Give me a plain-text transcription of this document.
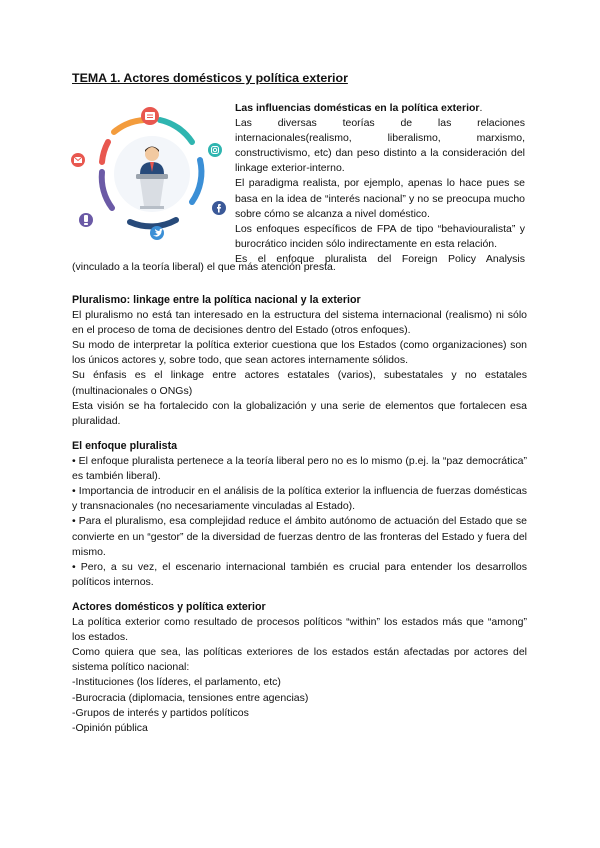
TEMA 1. Actores domésticos y política exterior

Las influencias domésticas en la política exterior.

Las diversas teorías de las relaciones internacionales(realismo, liberalismo, marxismo, constructivismo, etc) dan peso distinto a la consideración del linkage exterior-interno.

El paradigma realista, por ejemplo, apenas lo hace pues se basa en la idea de “interés nacional” y no se preocupa mucho sobre cómo se alcanza a nivel doméstico.

Los enfoques específicos de FPA de tipo “behaviouralista” y burocrático inciden sólo indirectamente en esta relación.

Es el enfoque pluralista del Foreign Policy Analysis

(vinculado a la teoría liberal) el que más atención presta.

Pluralismo: linkage entre la política nacional y la exterior

El pluralismo no está tan interesado en la estructura del sistema internacional (realismo) ni sólo en el proceso de toma de decisiones dentro del Estado (otros enfoques).

Su modo de interpretar la política exterior cuestiona que los Estados (como organizaciones) son los únicos actores y, sobre todo, que sean actores internamente sólidos.

Su énfasis es el linkage entre actores estatales (varios), subestatales y no estatales (multinacionales o ONGs)

Esta visión se ha fortalecido con la globalización y una serie de elementos que fortalecen esa pluralidad.

El enfoque pluralista
• El enfoque pluralista pertenece a la teoría liberal pero no es lo mismo (p.ej. la “paz democrática” es también liberal).
• Importancia de introducir en el análisis de la política exterior la influencia de fuerzas domésticas y transnacionales (no necesariamente vinculadas al Estado).
• Para el pluralismo, esa complejidad reduce el ámbito autónomo de actuación del Estado que se convierte en un “gestor” de la diversidad de fuerzas dentro de las fronteras del Estado y fuera del mismo.
• Pero, a su vez, el escenario internacional también es crucial para entender los desarrollos políticos internos.
Actores domésticos y política exterior

La política exterior como resultado de procesos políticos “within” los estados más que “among” los estados.

Como quiera que sea, las políticas exteriores de los estados están afectadas por actores del sistema político nacional:

-Instituciones (los líderes, el parlamento, etc)
-Burocracia (diplomacia, tensiones entre agencias)
-Grupos de interés y partidos políticos
-Opinión pública
